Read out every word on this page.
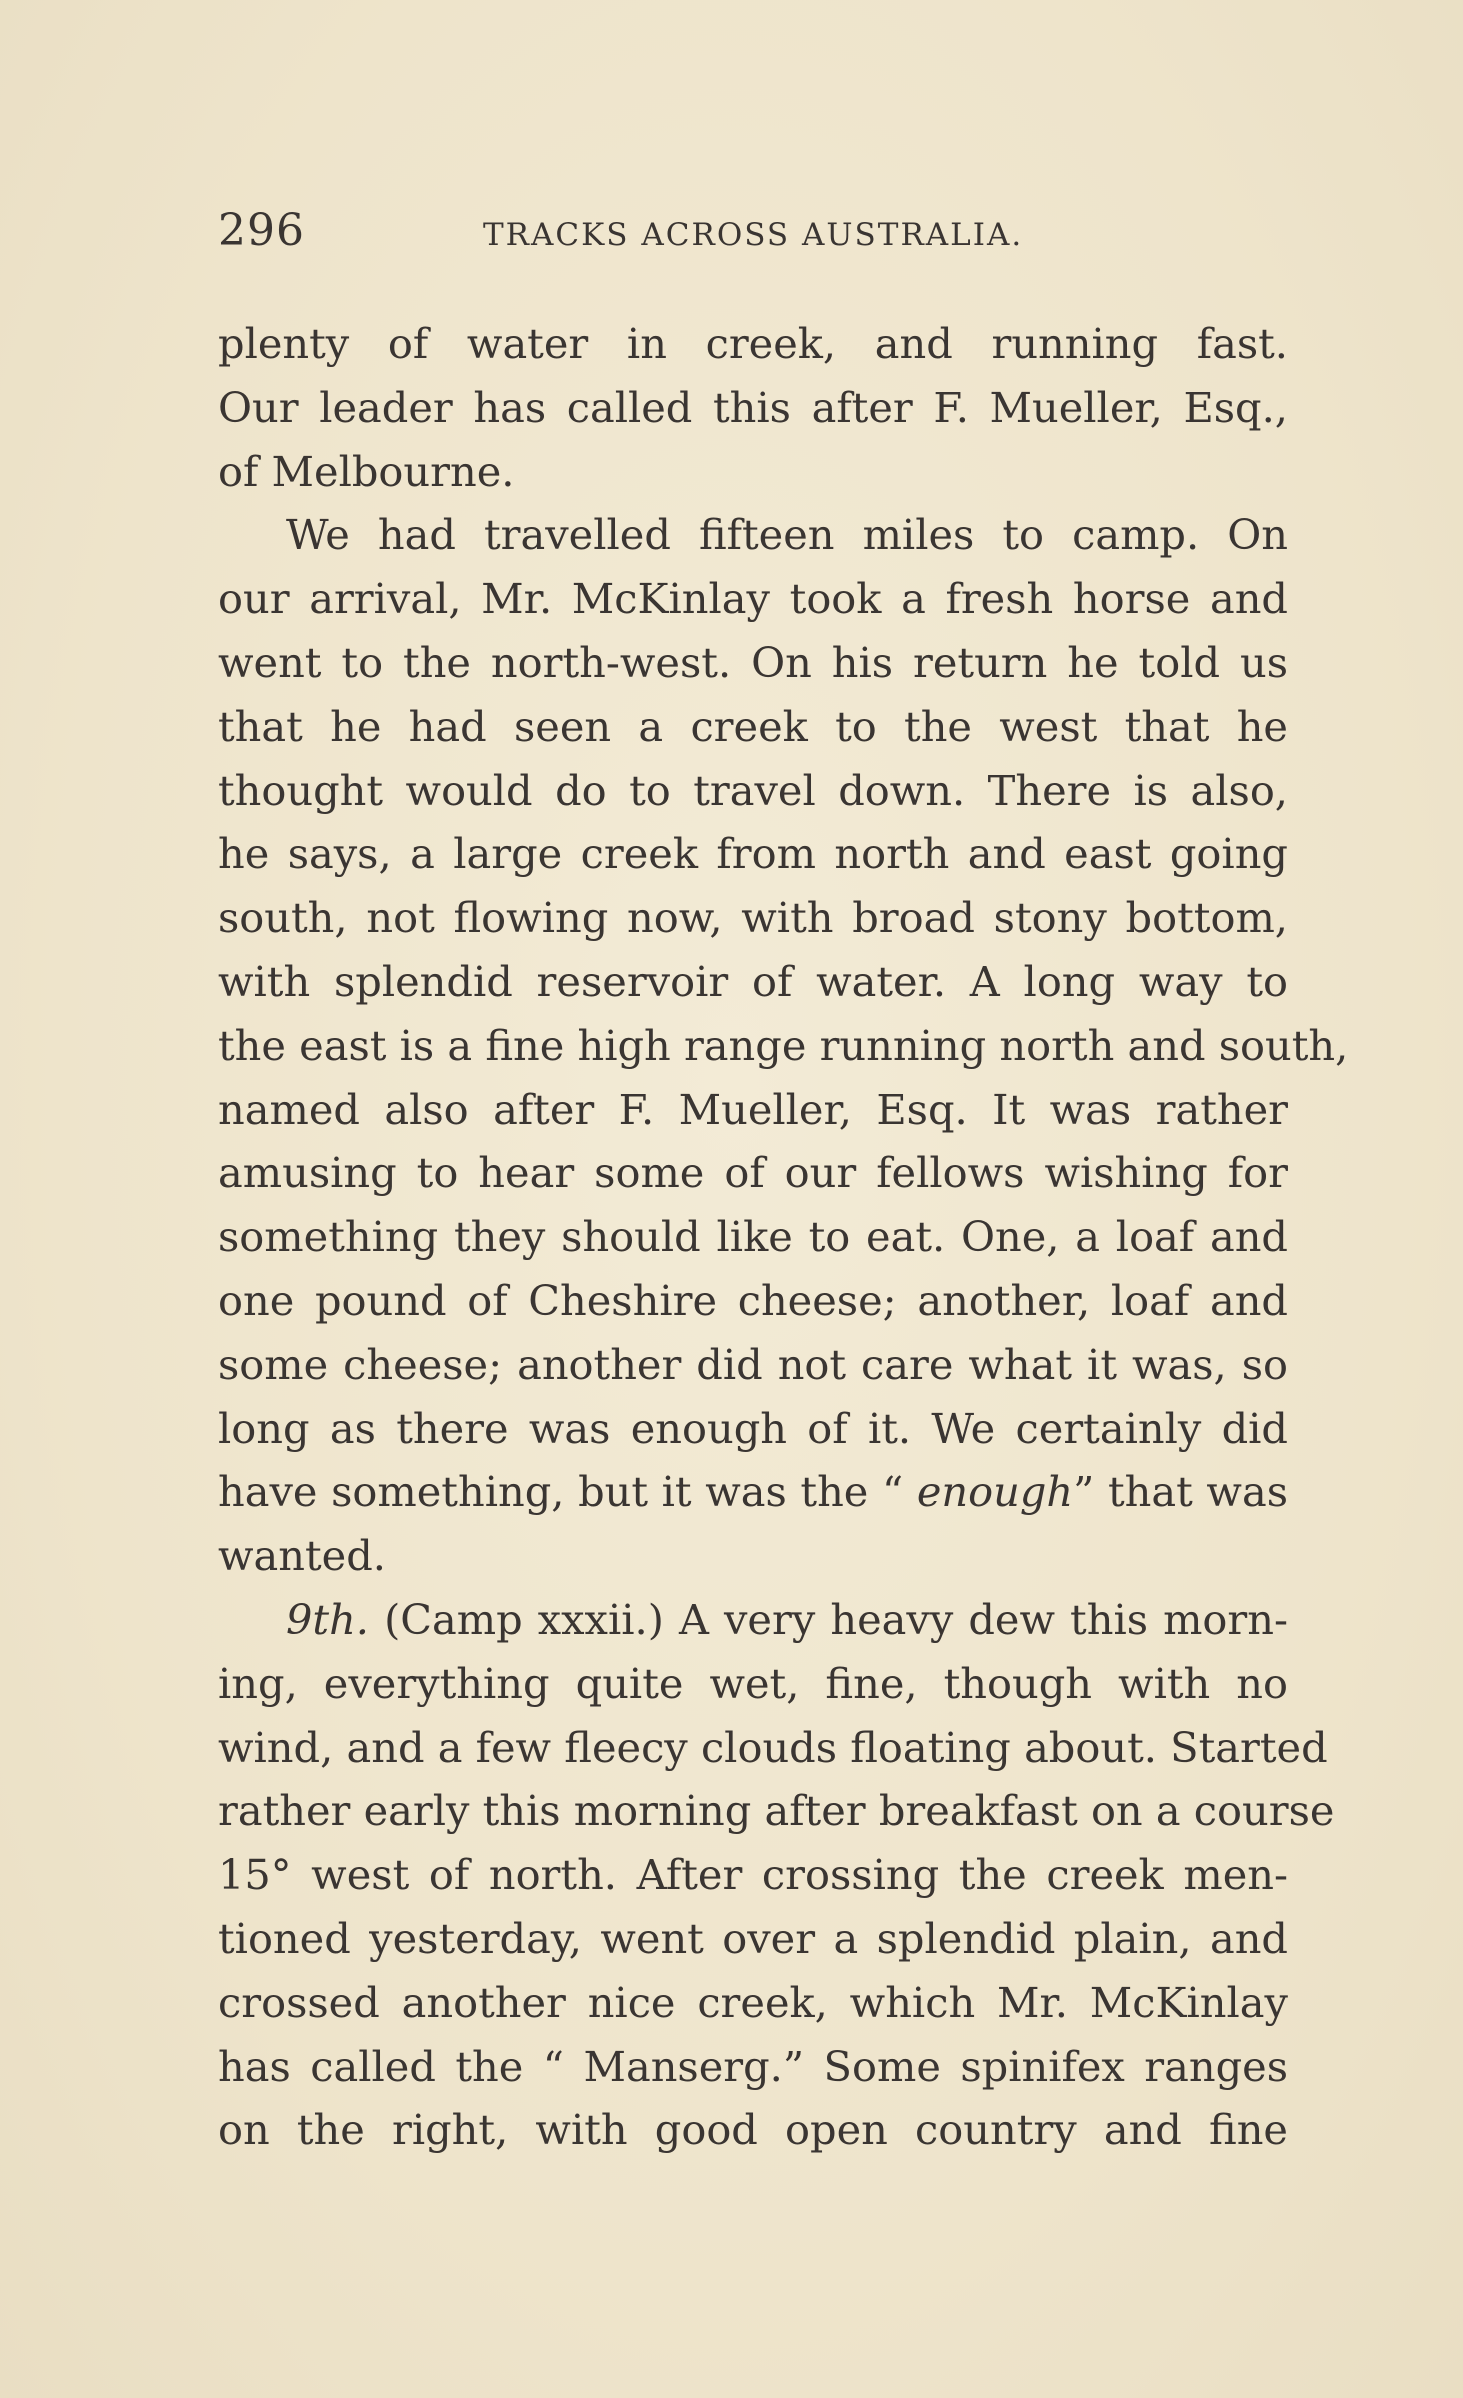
296	TRACKS ACROSS AUSTRALIA.
plenty of water in creek, and running fast.
Our leader has called this after F. Mueller, Esq.,
of Melbourne.
We had travelled fifteen miles to camp. On
our arrival, Mr. McKinlay took a fresh horse and
went to the north-west. On his return he told us
that he had seen a creek to the west that he
thought would do to travel down. There is also,
he says, a large creek from north and east going
south, not flowing now, with broad stony bottom,
with splendid reservoir of water. A long way to
the east is a fine high range running north and south,
named also after F. Mueller, Esq. It was rather
amusing to hear some of our fellows wishing for
something they should like to eat. One, a loaf and
one pound of Cheshire cheese; another, loaf and
some cheese; another did not care what it was, so
long as there was enough of it. We certainly did
have something, but it was the “ enough” that was
wanted.
9th. (Camp xxxii.) A very heavy dew this morn-
ing, everything quite wet, fine, though with no
wind, and a few fleecy clouds floating about. Started
rather early this morning after breakfast on a course
15° west of north. After crossing the creek men-
tioned yesterday, went over a splendid plain, and
crossed another nice creek, which Mr. McKinlay
has called the “ Manserg.” Some spinifex ranges
on the right, with good open country and fine
